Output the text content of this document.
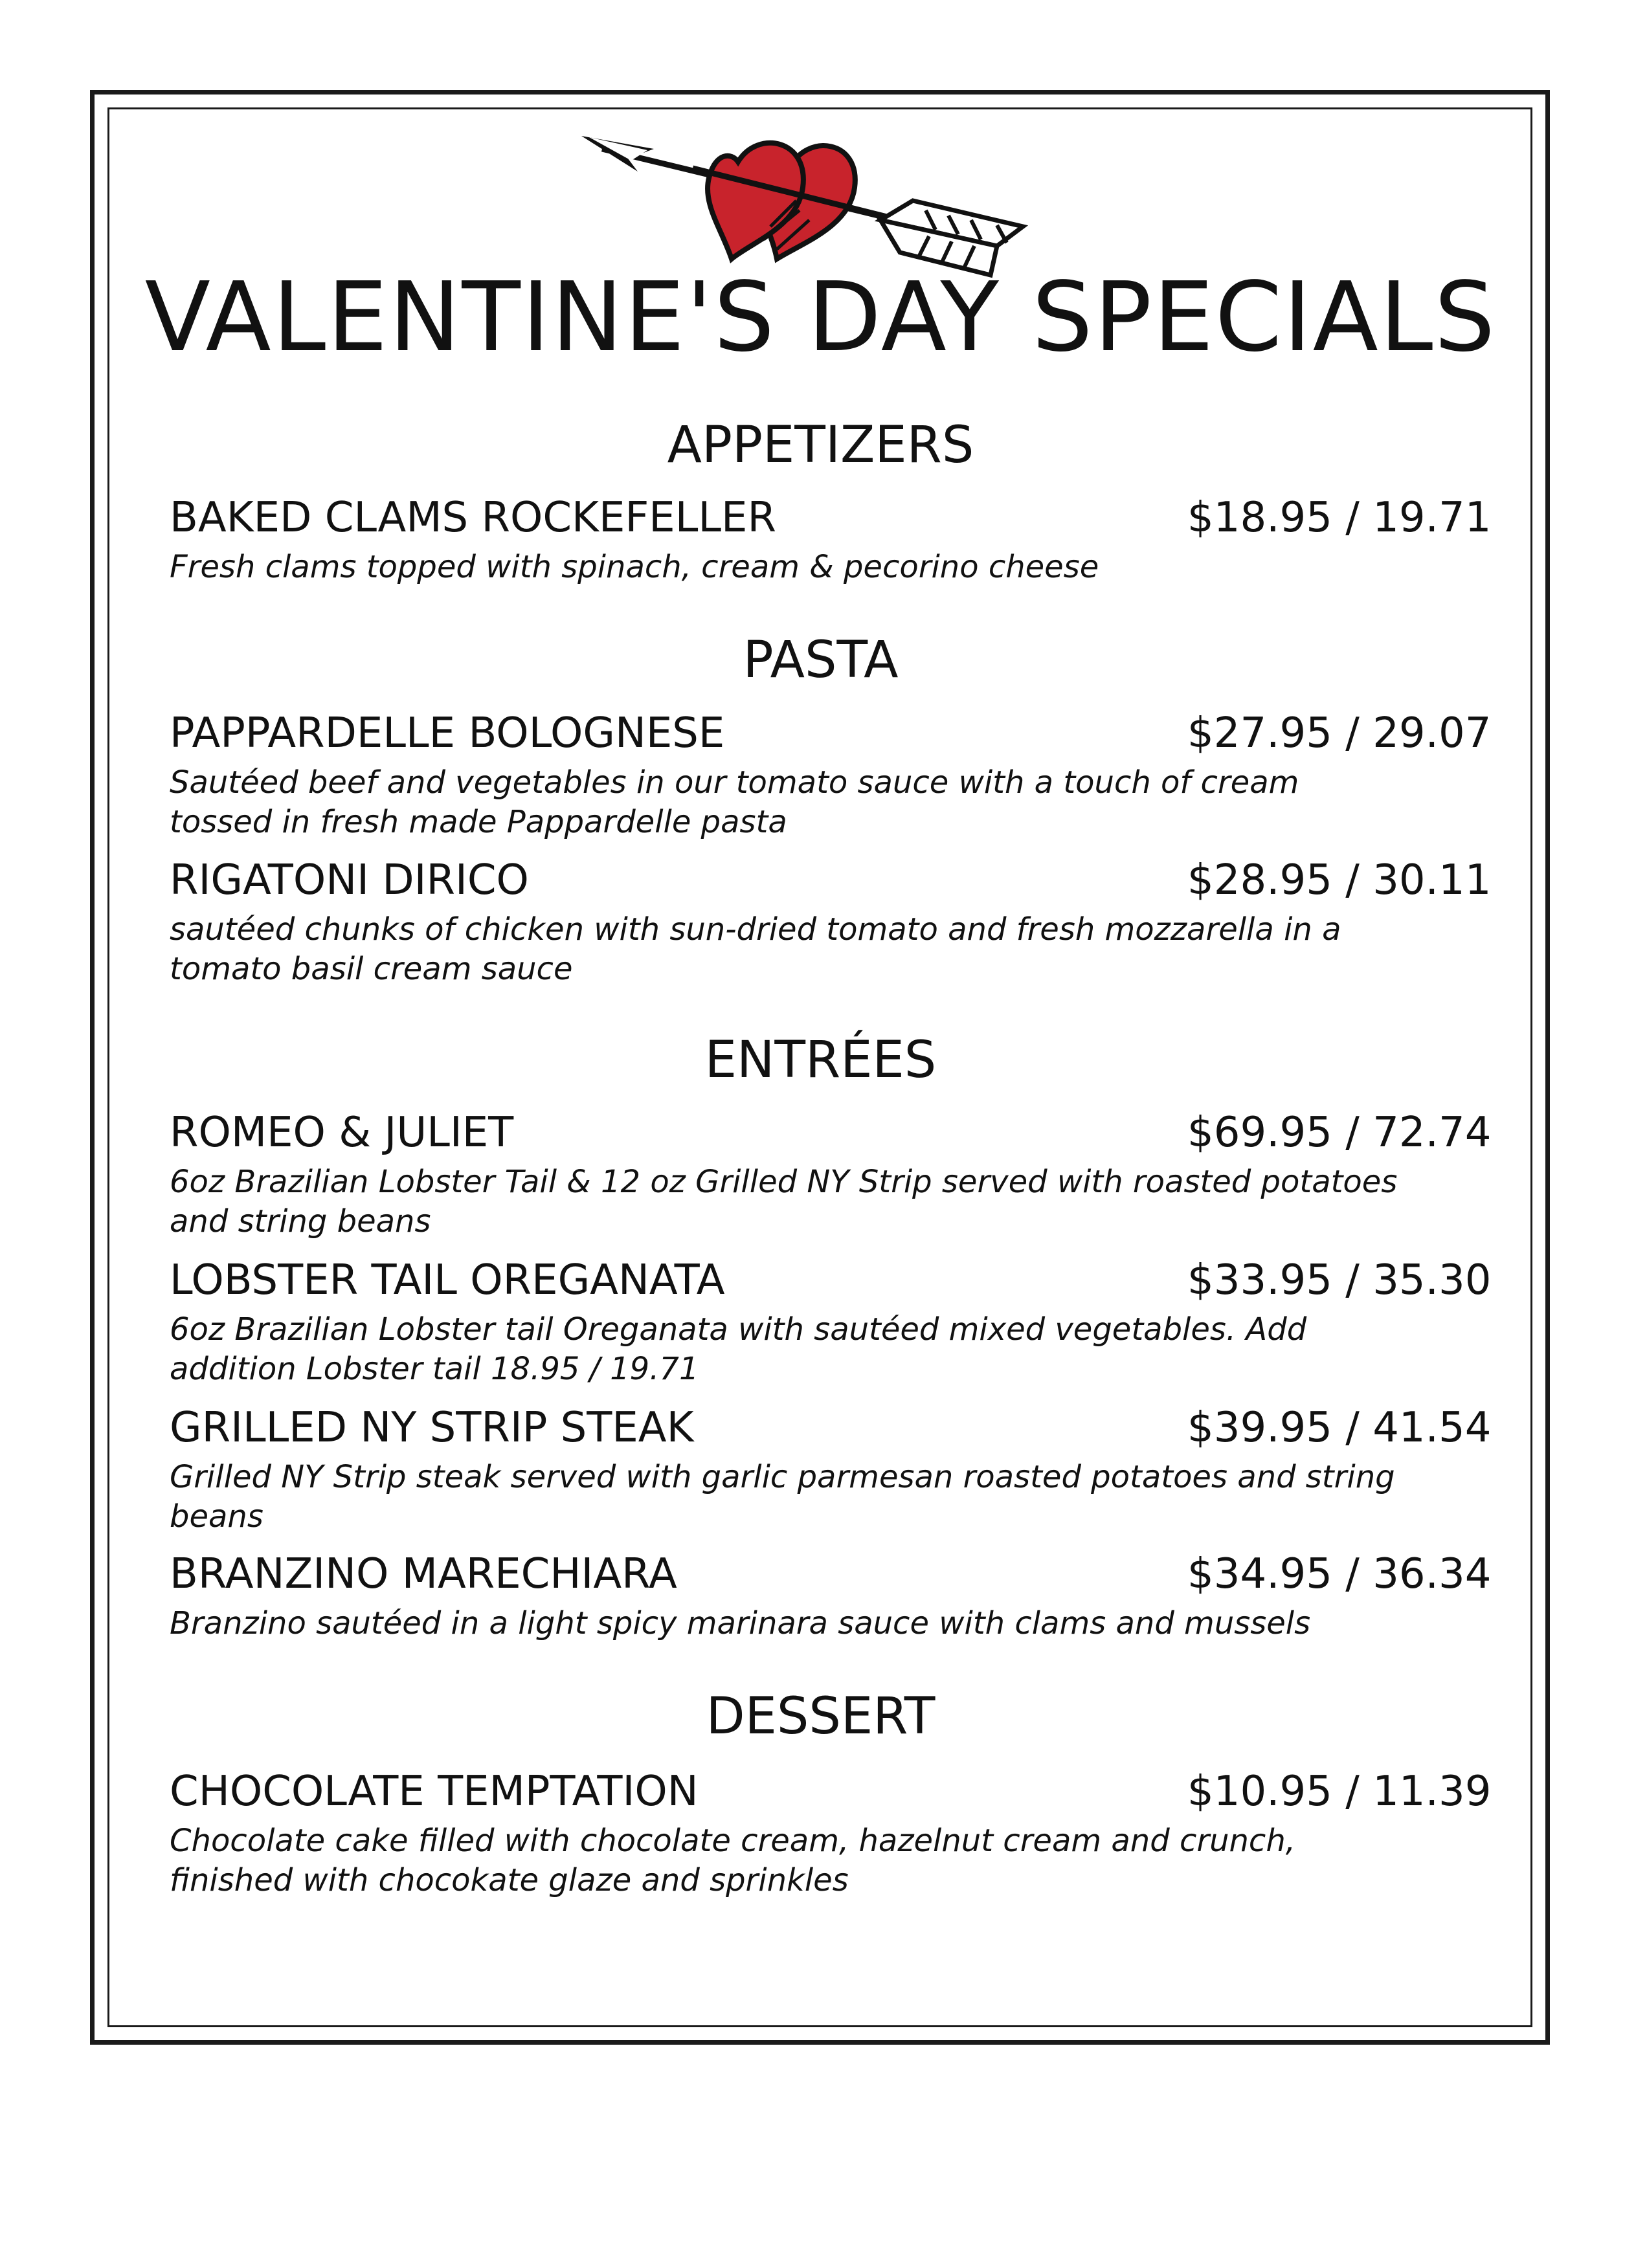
VALENTINE'S DAY SPECIALS
APPETIZERS
BAKED CLAMS ROCKEFELLER	$18.95 / 19.71
Fresh clams topped with spinach, cream & pecorino cheese
PASTA
PAPPARDELLE BOLOGNESE	$27.95 / 29.07
Sautéed beef and vegetables in our tomato sauce with a touch of cream tossed in fresh made Pappardelle pasta
RIGATONI DIRICO	$28.95 / 30.11
sautéed chunks of chicken with sun-dried tomato and fresh mozzarella in a tomato basil cream sauce
ENTRÉES
ROMEO & JULIET	$69.95 / 72.74
6oz Brazilian Lobster Tail & 12 oz Grilled NY Strip served with roasted potatoes and string beans
LOBSTER TAIL OREGANATA	$33.95 / 35.30
6oz Brazilian Lobster tail Oreganata with sautéed mixed vegetables. Add addition Lobster tail 18.95 / 19.71
GRILLED NY STRIP STEAK	$39.95 / 41.54
Grilled NY Strip steak served with garlic parmesan roasted potatoes and string beans
BRANZINO MARECHIARA	$34.95 / 36.34
Branzino sautéed in a light spicy marinara sauce with clams and mussels
DESSERT
CHOCOLATE TEMPTATION	$10.95 / 11.39
Chocolate cake filled with chocolate cream, hazelnut cream and crunch, finished with chocokate glaze and sprinkles
